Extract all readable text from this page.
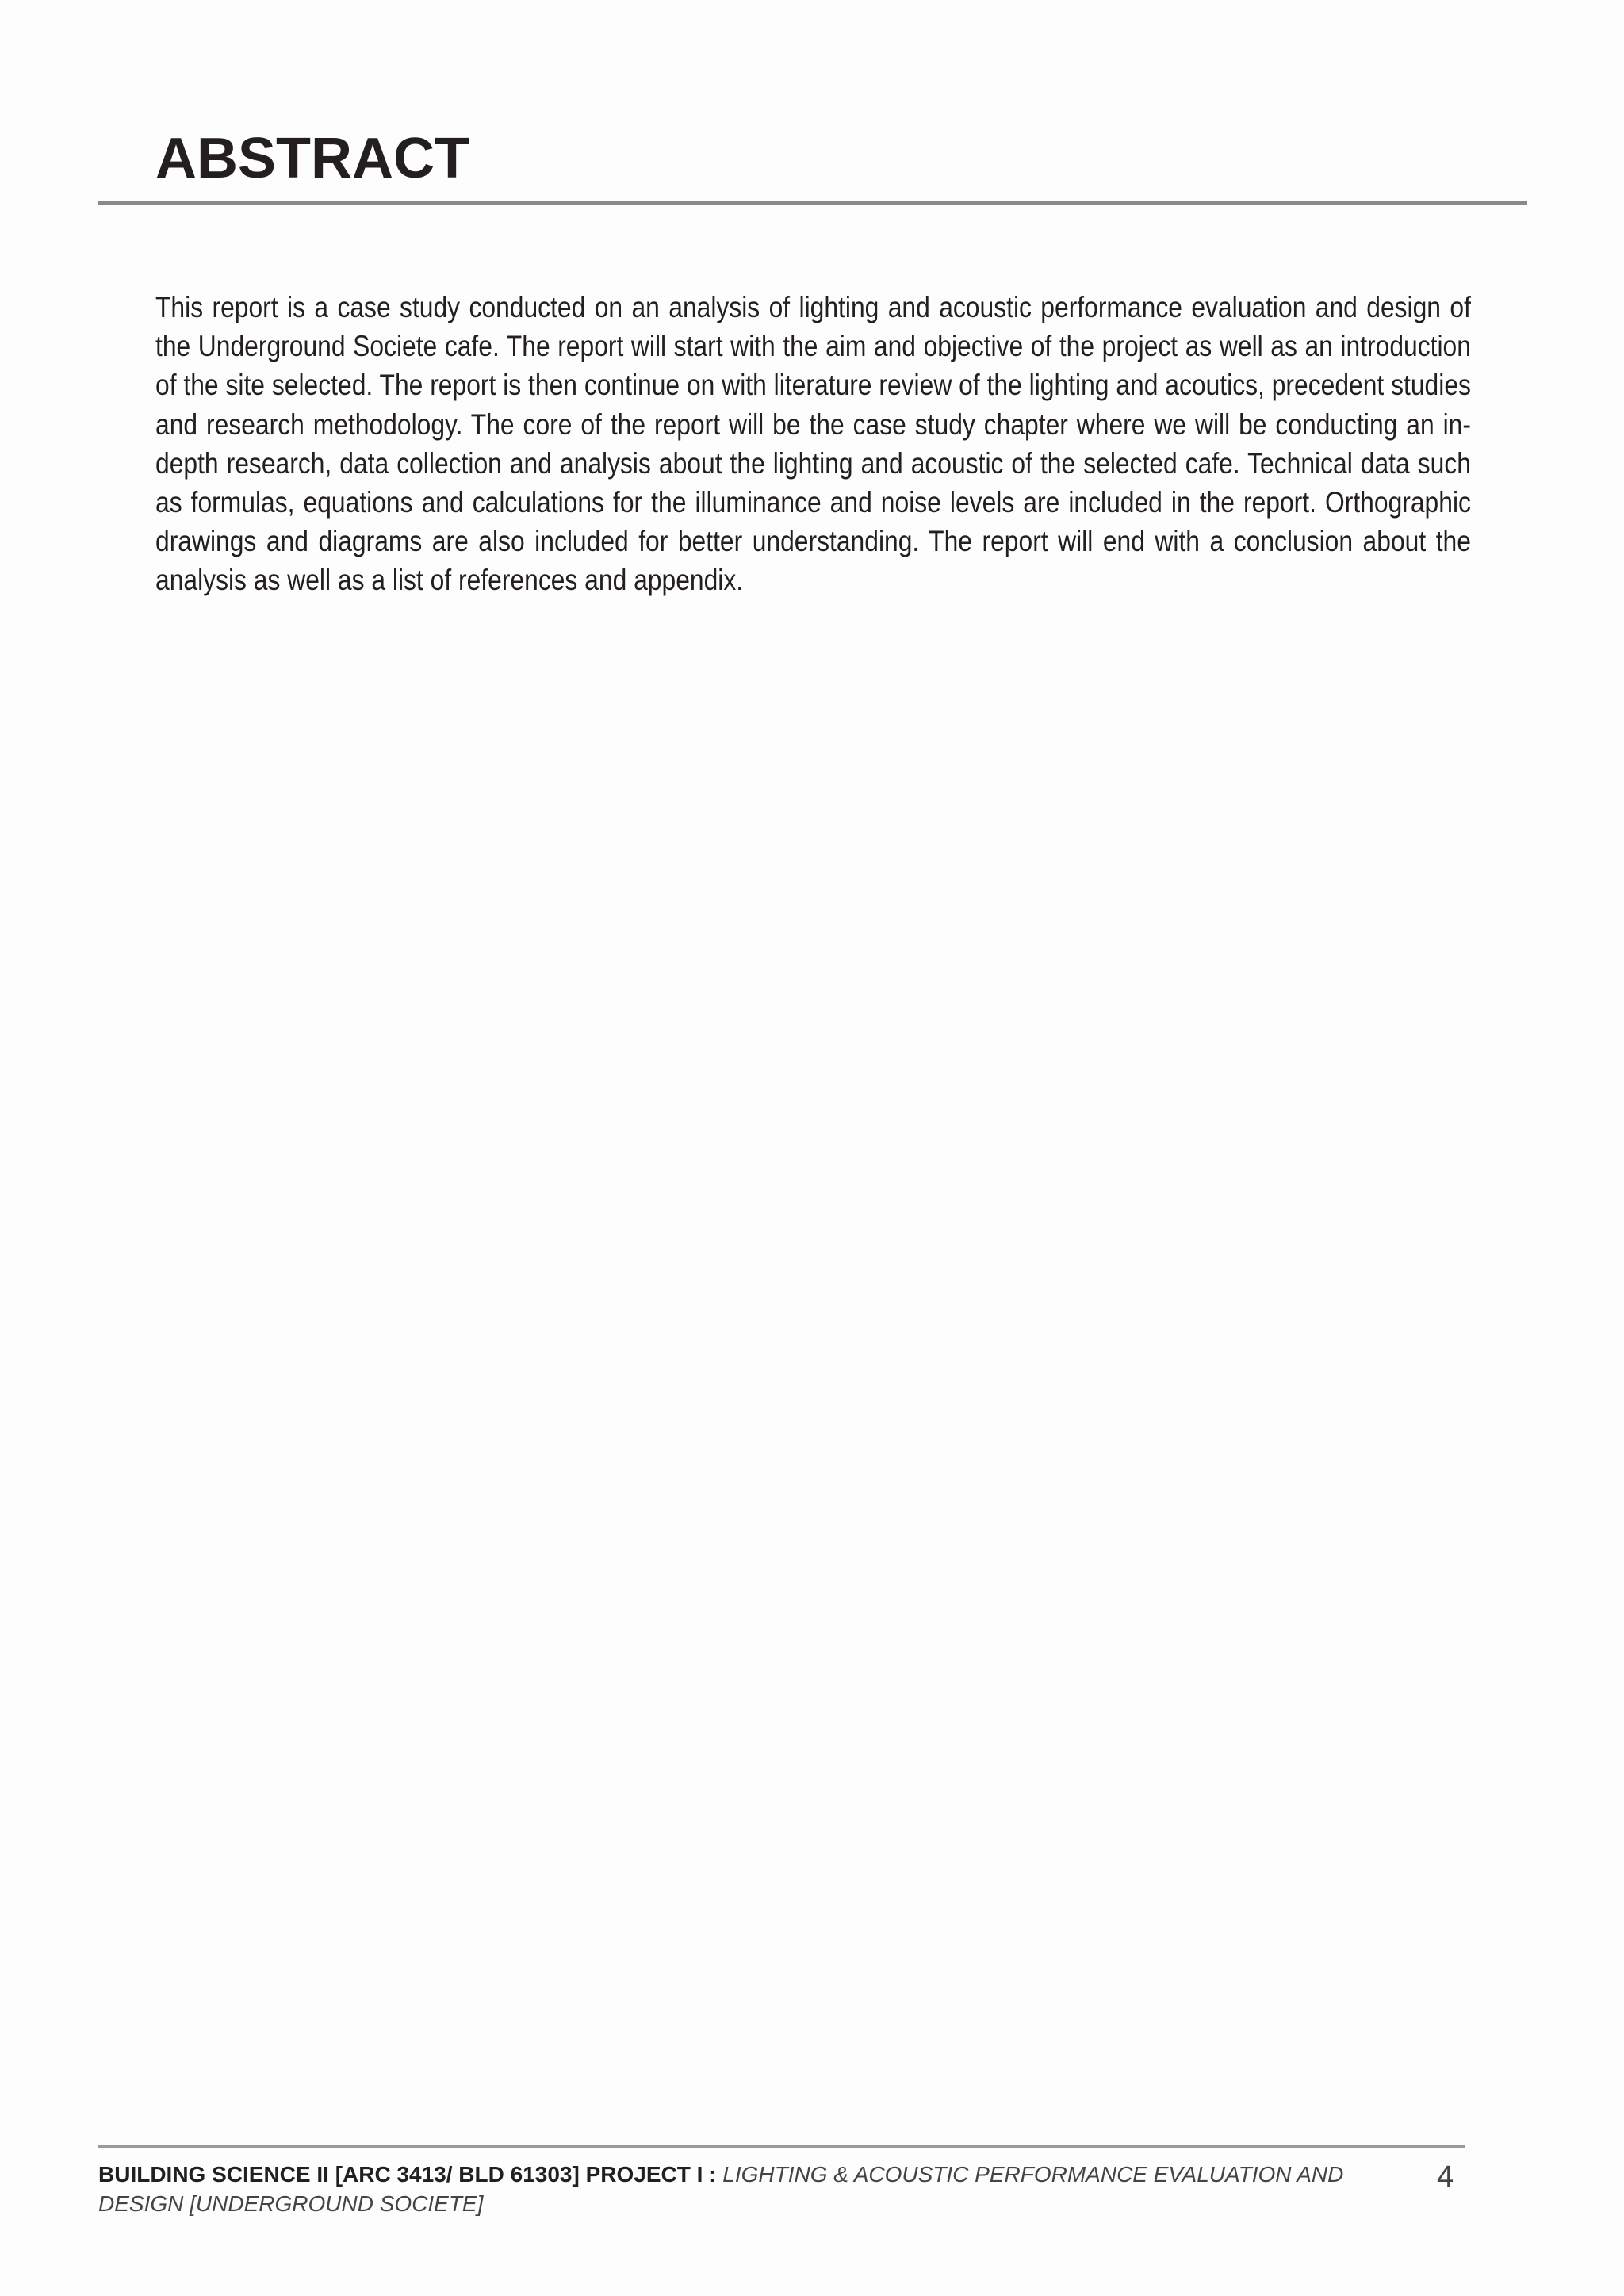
ABSTRACT

This report is a case study conducted on an analysis of lighting and acoustic performance evaluation and design of the Underground Societe cafe. The report will start with the aim and objective of the project as well as an introduction of the site selected. The report is then continue on with literature review of the lighting and acoutics, precedent studies and research methodology. The core of the report will be the case study chapter where we will be conducting an in-depth research, data collection and analysis about the lighting and acoustic of the selected cafe. Technical data such as formulas, equations and calculations for the illuminance and noise levels are included in the report. Orthographic drawings and diagrams are also included for better understanding. The report will end with a conclusion about the analysis as well as a list of references and appendix.

BUILDING SCIENCE II [ARC 3413/ BLD 61303] PROJECT I : LIGHTING & ACOUSTIC PERFORMANCE EVALUATION AND DESIGN [UNDERGROUND SOCIETE]

4
